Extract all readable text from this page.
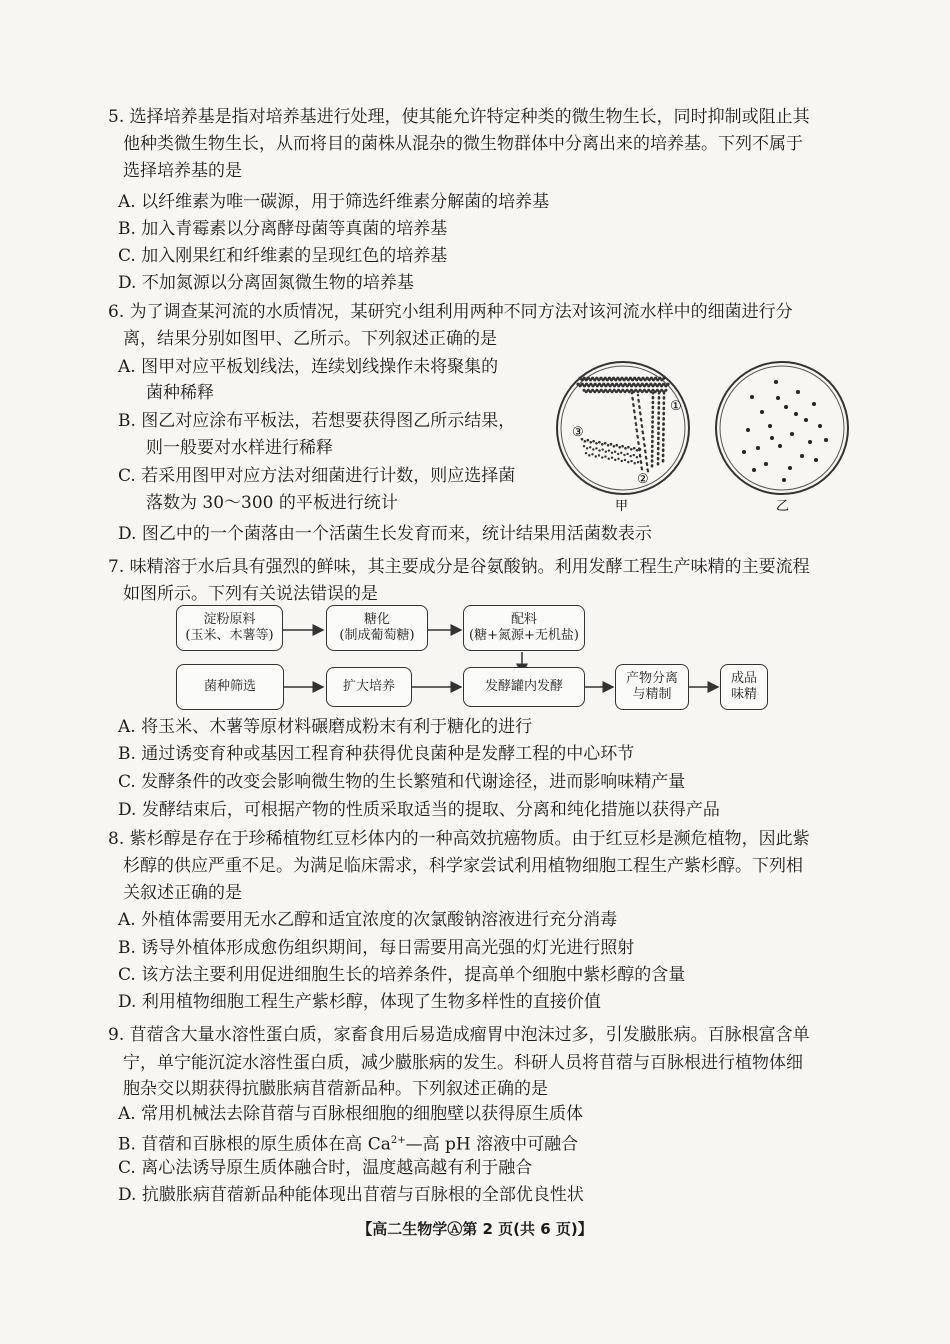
5. 选择培养基是指对培养基进行处理，使其能允许特定种类的微生物生长，同时抑制或阻止其
他种类微生物生长，从而将目的菌株从混杂的微生物群体中分离出来的培养基。下列不属于
选择培养基的是
A. 以纤维素为唯一碳源，用于筛选纤维素分解菌的培养基
B. 加入青霉素以分离酵母菌等真菌的培养基
C. 加入刚果红和纤维素的呈现红色的培养基
D. 不加氮源以分离固氮微生物的培养基
6. 为了调查某河流的水质情况，某研究小组利用两种不同方法对该河流水样中的细菌进行分
离，结果分别如图甲、乙所示。下列叙述正确的是
A. 图甲对应平板划线法，连续划线操作未将聚集的
菌种稀释
B. 图乙对应涂布平板法，若想要获得图乙所示结果，
则一般要对水样进行稀释
C. 若采用图甲对应方法对细菌进行计数，则应选择菌
落数为 30～300 的平板进行统计
D. 图乙中的一个菌落由一个活菌生长发育而来，统计结果用活菌数表示
①
②
③
甲	乙
7. 味精溶于水后具有强烈的鲜味，其主要成分是谷氨酸钠。利用发酵工程生产味精的主要流程
如图所示。下列有关说法错误的是
淀粉原料
(玉米、木薯等)
糖化
(制成葡萄糖)
配料
(糖+氮源+无机盐)
菌种筛选	扩大培养	发酵罐内发酵
产物分离
与精制
成品
味精
A. 将玉米、木薯等原材料碾磨成粉末有利于糖化的进行
B. 通过诱变育种或基因工程育种获得优良菌种是发酵工程的中心环节
C. 发酵条件的改变会影响微生物的生长繁殖和代谢途径，进而影响味精产量
D. 发酵结束后，可根据产物的性质采取适当的提取、分离和纯化措施以获得产品
8. 紫杉醇是存在于珍稀植物红豆杉体内的一种高效抗癌物质。由于红豆杉是濒危植物，因此紫
杉醇的供应严重不足。为满足临床需求，科学家尝试利用植物细胞工程生产紫杉醇。下列相
关叙述正确的是
A. 外植体需要用无水乙醇和适宜浓度的次氯酸钠溶液进行充分消毒
B. 诱导外植体形成愈伤组织期间，每日需要用高光强的灯光进行照射
C. 该方法主要利用促进细胞生长的培养条件，提高单个细胞中紫杉醇的含量
D. 利用植物细胞工程生产紫杉醇，体现了生物多样性的直接价值
9. 苜蓿含大量水溶性蛋白质，家畜食用后易造成瘤胃中泡沫过多，引发臌胀病。百脉根富含单
宁，单宁能沉淀水溶性蛋白质，减少臌胀病的发生。科研人员将苜蓿与百脉根进行植物体细
胞杂交以期获得抗臌胀病苜蓿新品种。下列叙述正确的是
A. 常用机械法去除苜蓿与百脉根细胞的细胞壁以获得原生质体
B. 苜蓿和百脉根的原生质体在高 $Ca^{2+}—$高 pH 溶液中可融合
C. 离心法诱导原生质体融合时，温度越高越有利于融合
D. 抗臌胀病苜蓿新品种能体现出苜蓿与百脉根的全部优良性状
【高二生物学Ⓐ第 2 页(共 6 页)】
